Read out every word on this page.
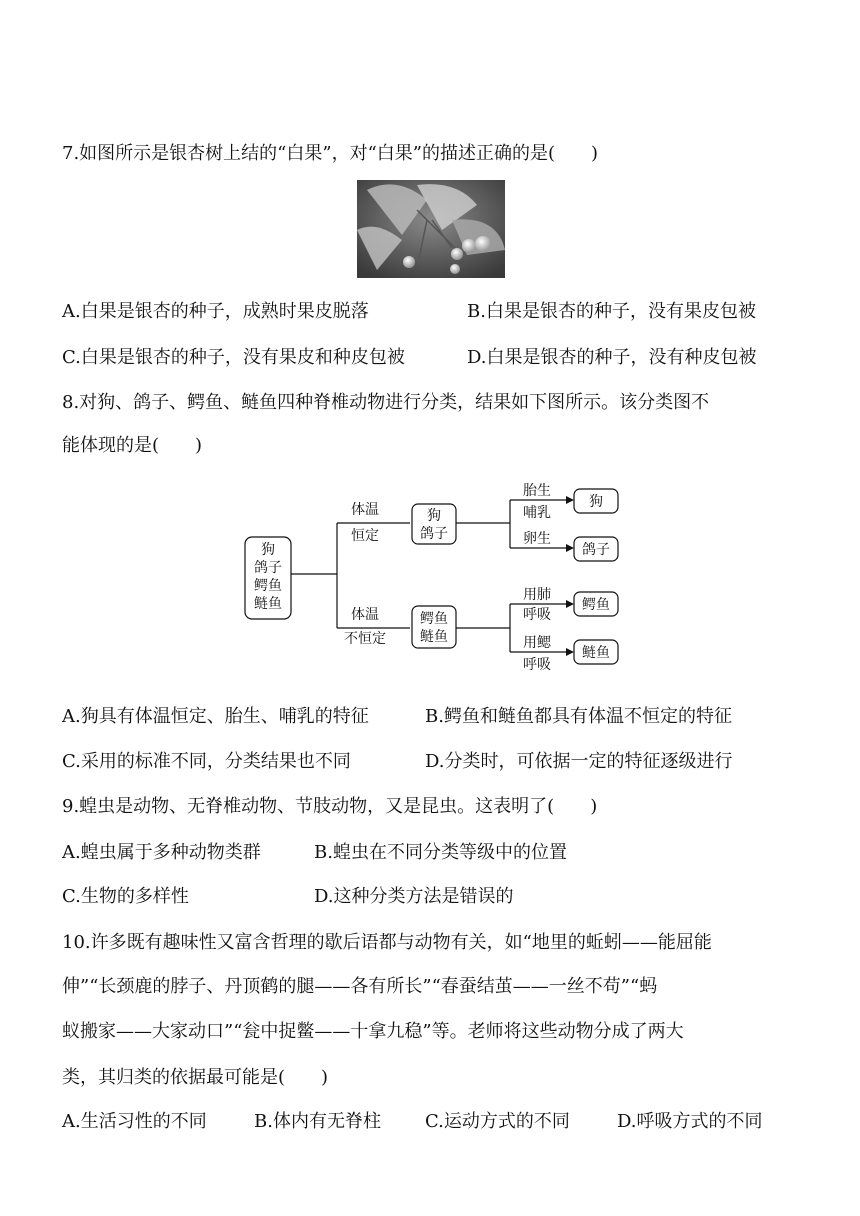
7.如图所示是银杏树上结的“白果”，对“白果”的描述正确的是(　　)
A.白果是银杏的种子，成熟时果皮脱落	B.白果是银杏的种子，没有果皮包被
C.白果是银杏的种子，没有果皮和种皮包被	D.白果是银杏的种子，没有种皮包被
8.对狗、鸽子、鳄鱼、鲢鱼四种脊椎动物进行分类，结果如下图所示。该分类图不
能体现的是(　　)
狗
鸽子
鳄鱼
鲢鱼
体温
恒定
体温
不恒定
狗
鸽子
鳄鱼
鲢鱼
胎生
哺乳
卵生
用肺
呼吸
用鳃
呼吸
狗
鸽子
鳄鱼
鲢鱼
A.狗具有体温恒定、胎生、哺乳的特征	B.鳄鱼和鲢鱼都具有体温不恒定的特征
C.采用的标准不同，分类结果也不同	D.分类时，可依据一定的特征逐级进行
9.蝗虫是动物、无脊椎动物、节肢动物，又是昆虫。这表明了(　　)
A.蝗虫属于多种动物类群	B.蝗虫在不同分类等级中的位置
C.生物的多样性	D.这种分类方法是错误的
10.许多既有趣味性又富含哲理的歇后语都与动物有关，如“地里的蚯蚓——能屈能
伸”“长颈鹿的脖子、丹顶鹤的腿——各有所长”“春蚕结茧——一丝不苟”“蚂
蚁搬家——大家动口”“瓮中捉鳖——十拿九稳”等。老师将这些动物分成了两大
类，其归类的依据最可能是(　　)
A.生活习性的不同	B.体内有无脊柱 C.运动方式的不同	D.呼吸方式的不同
